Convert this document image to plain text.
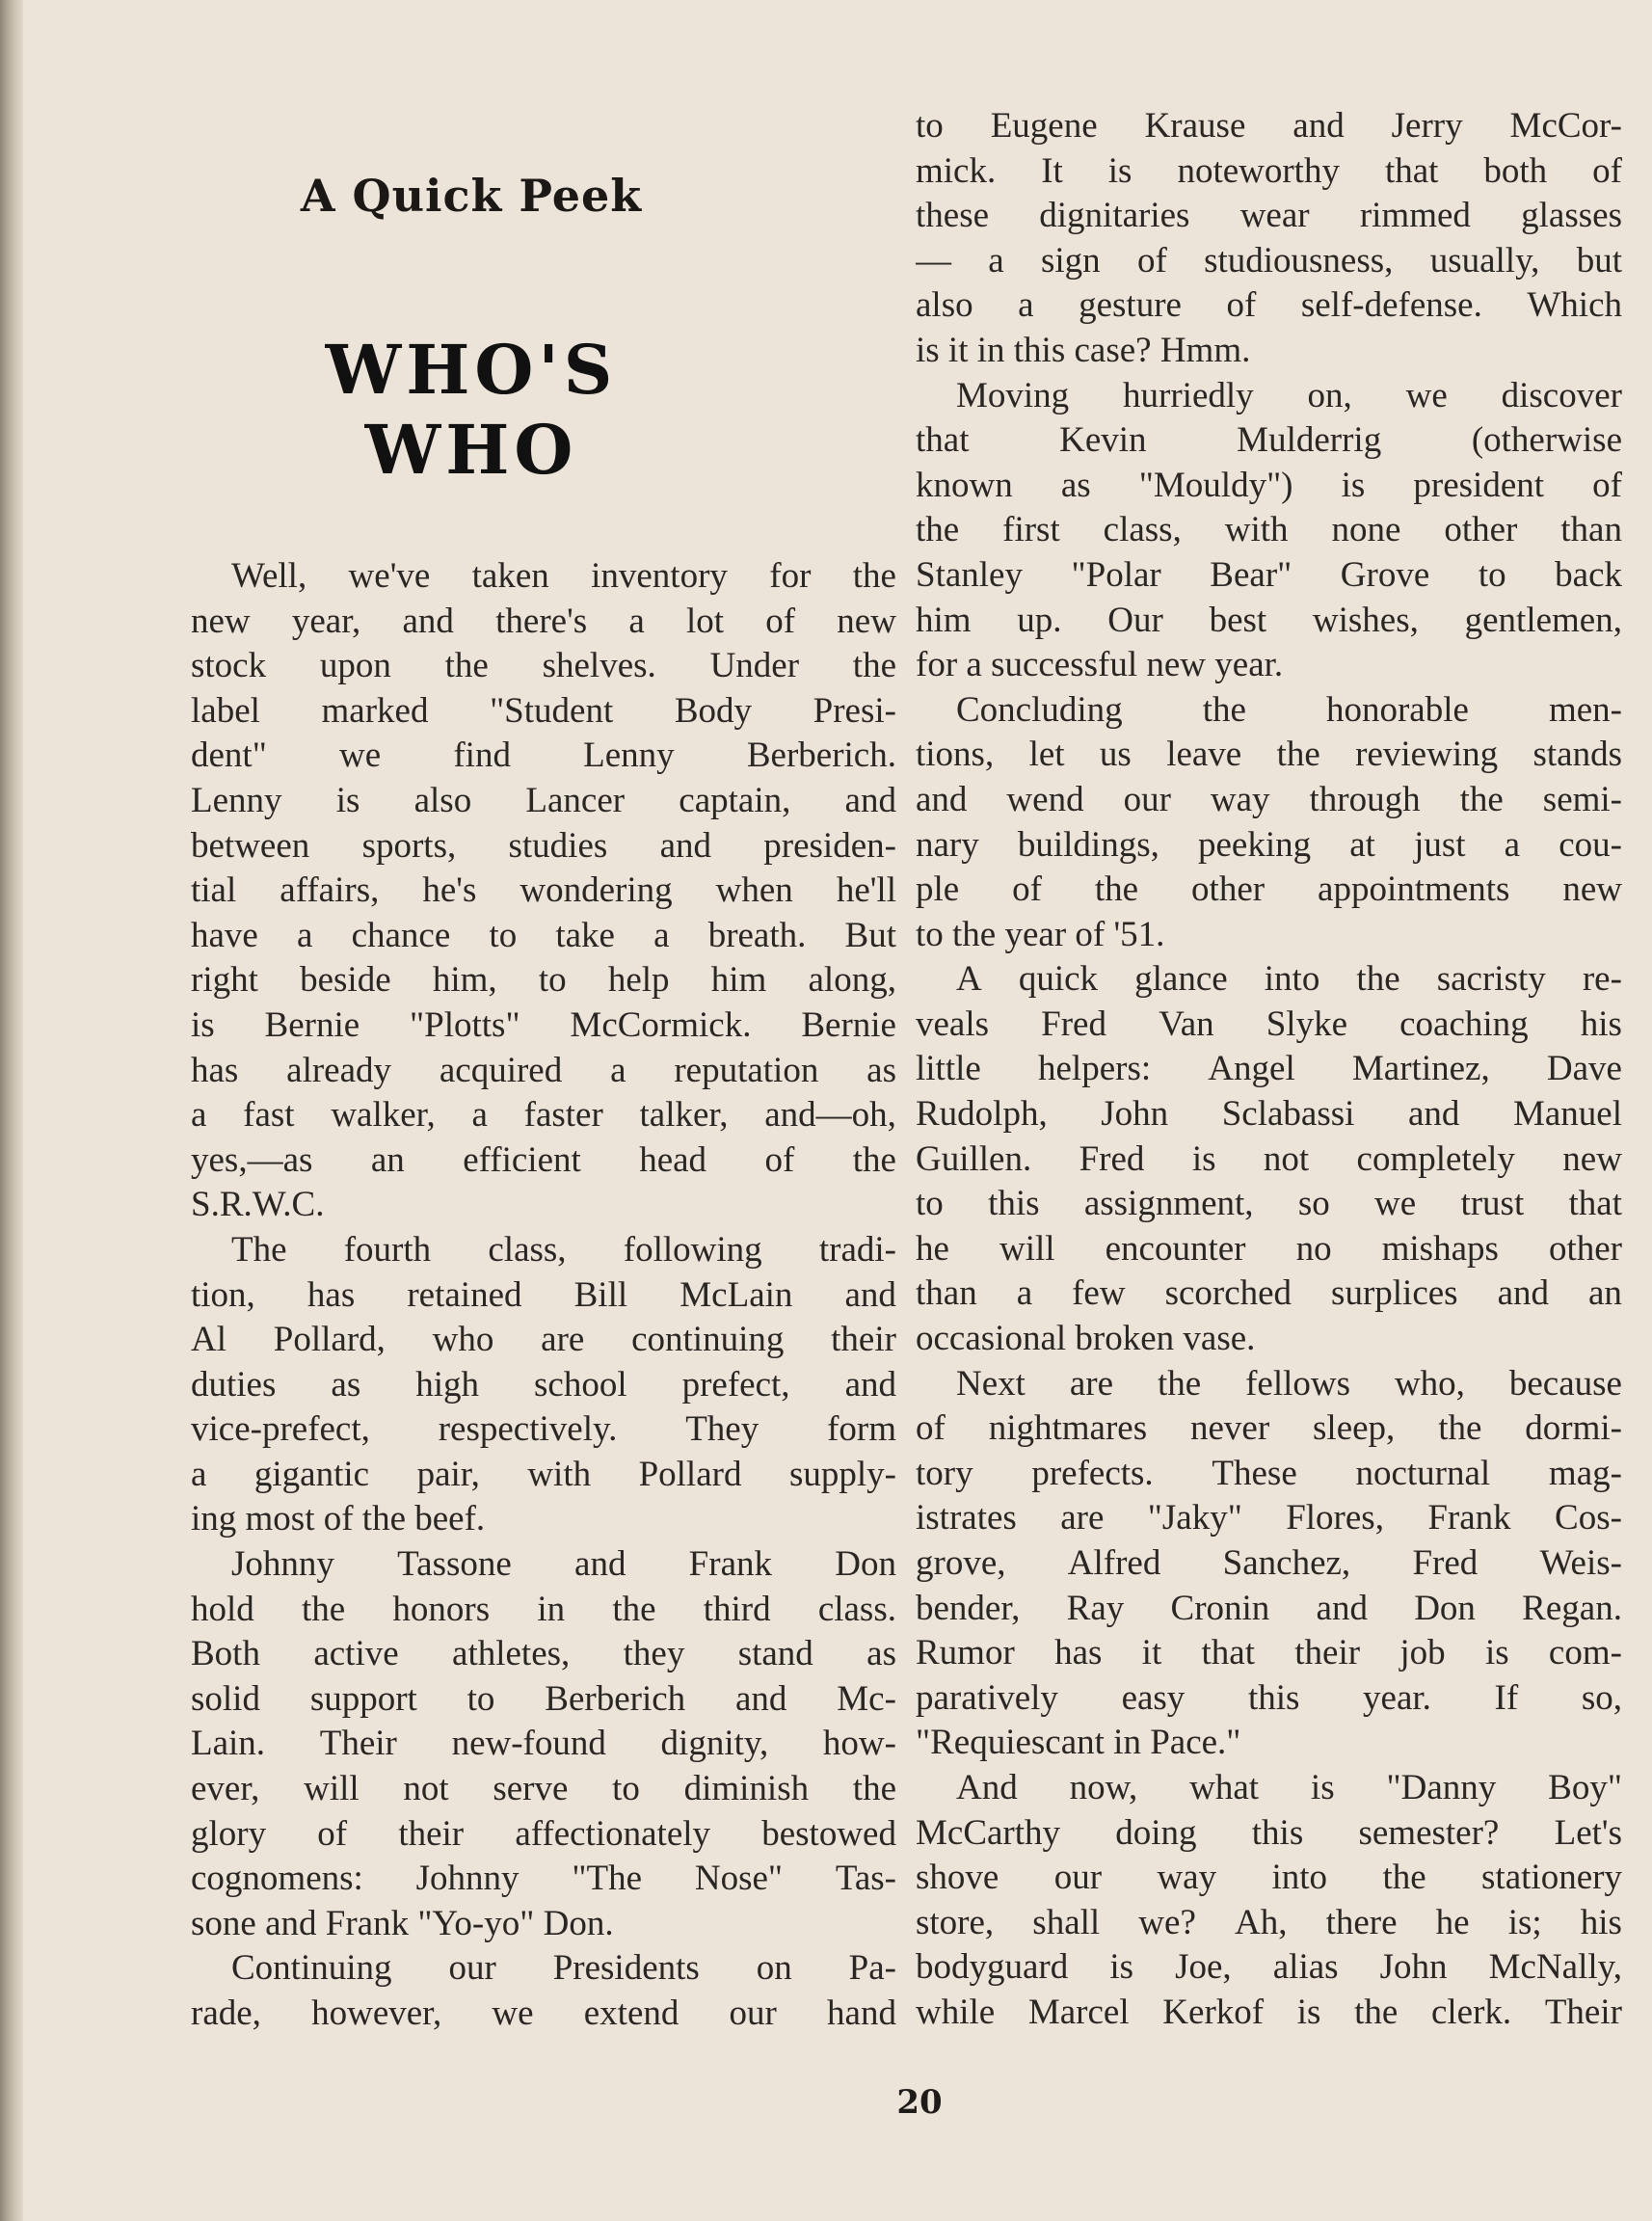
A Quick Peek
WHO'S WHO
Well, we've taken inventory for the
new year, and there's a lot of new
stock upon the shelves. Under the
label marked "Student Body Presi-
dent" we find Lenny Berberich.
Lenny is also Lancer captain, and
between sports, studies and presiden-
tial affairs, he's wondering when he'll
have a chance to take a breath. But
right beside him, to help him along,
is Bernie "Plotts" McCormick. Bernie
has already acquired a reputation as
a fast walker, a faster talker, and—oh,
yes,—as an efficient head of the
S.R.W.C.
The fourth class, following tradi-
tion, has retained Bill McLain and
Al Pollard, who are continuing their
duties as high school prefect, and
vice-prefect, respectively. They form
a gigantic pair, with Pollard supply-
ing most of the beef.
Johnny Tassone and Frank Don
hold the honors in the third class.
Both active athletes, they stand as
solid support to Berberich and Mc-
Lain. Their new-found dignity, how-
ever, will not serve to diminish the
glory of their affectionately bestowed
cognomens: Johnny "The Nose" Tas-
sone and Frank "Yo-yo" Don.
Continuing our Presidents on Pa-
rade, however, we extend our hand
to Eugene Krause and Jerry McCor-
mick. It is noteworthy that both of
these dignitaries wear rimmed glasses
— a sign of studiousness, usually, but
also a gesture of self-defense. Which
is it in this case? Hmm.
Moving hurriedly on, we discover
that	Kevin	Mulderrig	(otherwise
known as "Mouldy") is president of
the first class, with none other than
Stanley "Polar Bear" Grove to back
him up. Our best wishes, gentlemen,
for a successful new year.
Concluding the honorable men-
tions, let us leave the reviewing stands
and wend our way through the semi-
nary buildings, peeking at just a cou-
ple of the other appointments new
to the year of '51.
A quick glance into the sacristy re-
veals Fred Van Slyke coaching his
little helpers: Angel Martinez, Dave
Rudolph, John Sclabassi and Manuel
Guillen. Fred is not completely new
to this assignment, so we trust that
he will encounter no mishaps other
than a few scorched surplices and an
occasional broken vase.
Next are the fellows who, because
of nightmares never sleep, the dormi-
tory prefects. These nocturnal mag-
istrates are "Jaky" Flores, Frank Cos-
grove, Alfred Sanchez, Fred Weis-
bender, Ray Cronin and Don Regan.
Rumor has it that their job is com-
paratively easy this year. If so,
"Requiescant in Pace."
And now, what is "Danny Boy"
McCarthy doing this semester? Let's
shove our way into the stationery
store, shall we? Ah, there he is; his
bodyguard is Joe, alias John McNally,
while Marcel Kerkof is the clerk. Their
20
